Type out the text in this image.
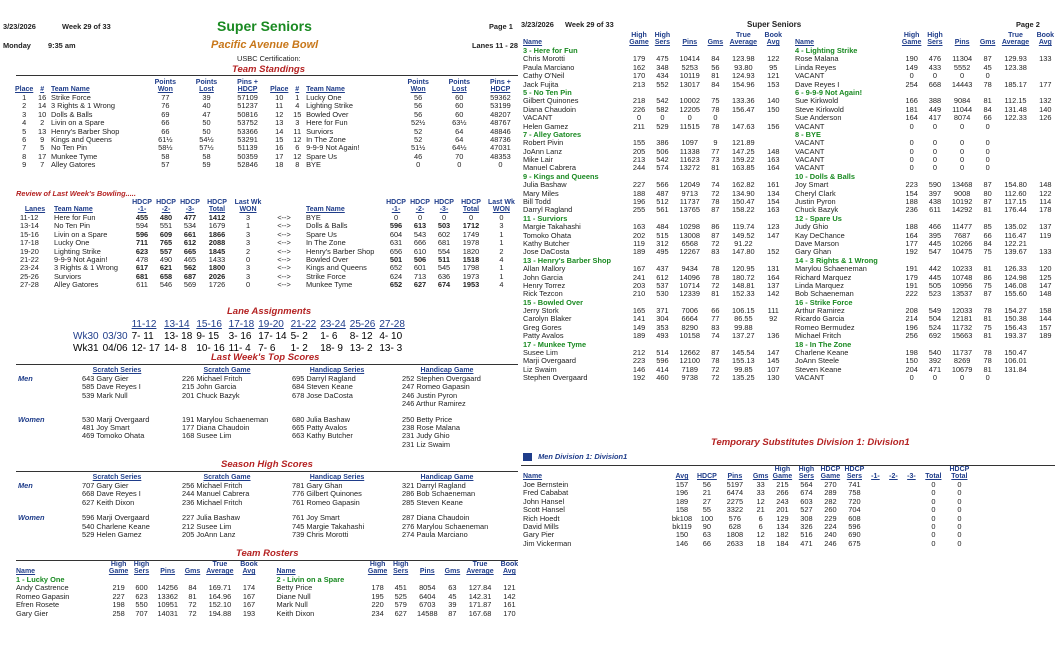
3/23/2026	Week 29 of 33	Super Seniors	Page 1
Monday 9:35 am	Pacific Avenue Bowl	Lanes 11 - 28
USBC Certification:
Team Standings
			Points	Points	Pins +				Points	Points	Pins +
Place	#	Team Name	Won	Lost	HDCP	Place	#	Team Name	Won	Lost	HDCP
1	16	Strike Force	77	39	57109	10	1	Lucky One	56	60	59362
2	14	3 Rights & 1 Wrong	76	40	51237	11	4	Lighting Strike	56	60	53199
3	10	Dolls & Balls	69	47	50816	12	15	Bowled Over	56	60	48207
4	2	Livin on a Spare	66	50	53752	13	3	Here for Fun	52½	63½	48767
5	13	Henry's Barber Shop	66	50	53366	14	11	Surviors	52	64	48846
6	9	Kings and Queens	61½	54½	53291	15	12	In The Zone	52	64	48736
7	5	No Ten Pin	58½	57½	51139	16	6	9-9-9 Not Again!	51½	64½	47031
8	17	Munkee Tyme	58	58	50359	17	12	Spare Us	46	70	48353
9	7	Alley Gatores	57	59	52846	18	8	BYE	0	0	0
Review of Last Week's Bowling.....
		HDCP	HDCP	HDCP	HDCP	Last Wk			HDCP	HDCP	HDCP	HDCP	Last Wk
Lanes	Team Name	-1-	-2-	-3-	Total	WON		Team Name	-1-	-2-	-3-	Total	WON
11-12	Here for Fun	455	480	477	1412	3	<-->	BYE	0	0	0	0	0
13-14	No Ten Pin	594	551	534	1679	1	<-->	Dolls & Balls	596	613	503	1712	3
15-16	Livin on a Spare	596	609	661	1866	3	<-->	Spare Us	604	543	602	1749	1
17-18	Lucky One	711	765	612	2088	3	<-->	In The Zone	631	666	681	1978	1
19-20	Lighting Strike	623	557	665	1845	2	<-->	Henry's Barber Shop	656	610	554	1820	2
21-22	9-9-9 Not Again!	478	490	465	1433	0	<-->	Bowled Over	501	506	511	1518	4
23-24	3 Rights & 1 Wrong	617	621	562	1800	3	<-->	Kings and Queens	652	601	545	1798	1
25-26	Surviors	681	658	687	2026	3	<-->	Strike Force	624	713	636	1973	1
27-28	Alley Gatores	611	546	569	1726	0	<-->	Munkee Tyme	652	627	674	1953	4
Lane Assignments
		11-12	13-14	15-16	17-18	19-20	21-22	23-24	25-26	27-28
Wk30	03/30	7- 11	13- 18	9- 15	3- 16	17- 14	5- 2	1- 6	8- 12	4- 10
Wk31	04/06	12- 17	14- 8	10- 16	11- 4	7- 6	1- 2	18- 9	13- 2	13- 3
Last Week's Top Scores
	Scratch Series	Scratch Game	Handicap Series	Handicap Game
Men	643 Gary Gier	226 Michael Fritch	695 Darryl Ragland	252 Stephen Overgaard
	585 Dave Reyes I	215 John Garcia	684 Steven Keane	247 Romeo Gapasin
	539 Mark Null	201 Chuck Bazyk	678 Jose DaCosta	246 Justin Pyron
				246 Arthur Ramirez

Women	530 Marji Overgaard	191 Marylou Schaeneman	680 Julia Bashaw	250 Betty Price
	481 Joy Smart	177 Diana Chaudoin	665 Patty Avalos	238 Rose Malana
	469 Tomoko Ohata	168 Susee Lim	663 Kathy Butcher	231 Judy Ghio
				231 Liz Swaim
Season High Scores
	Scratch Series	Scratch Game	Handicap Series	Handicap Game
Men	707 Gary Gier	256 Michael Fritch	781 Gary Ghan	321 Darryl Ragland
	668 Dave Reyes I	244 Manuel Cabrera	776 Gilbert Quinones	286 Bob Schaeneman
	627 Keith Dixon	236 Michael Fritch	761 Romeo Gapasin	285 Steven Keane

Women	596 Marji Overgaard	227 Julia Bashaw	761 Joy Smart	287 Diana Chaudoin
	540 Charlene Keane	212 Susee Lim	745 Margie Takahashi	276 Marylou Schaeneman
	529 Helen Gamez	205 JoAnn Lanz	739 Chris Morotti	274 Paula Marciano
Team Rosters
	High	High			True	Book
Name	Game	Sers	Pins	Gms	Average	Avg
1 - Lucky One						
Andy Castrence	219	600	14256	84	169.71	174
Romeo Gapasin	227	623	13362	81	164.96	167
Efren Rosete	198	550	10951	72	152.10	167
Gary Gier	258	707	14031	72	194.88	193
	High	High			True	Book
Name	Game	Sers	Pins	Gms	Average	Avg
2 - Livin on a Spare						
Betty Price	178	451	8054	63	127.84	121
Diane Null	195	525	6404	45	142.31	142
Mark Null	220	579	6703	39	171.87	161
Keith Dixon	234	627	14588	87	167.68	170
3/23/2026 Week 29 of 33	Super Seniors	Page 2
	High	High			True	Book
Name	Game	Sers	Pins	Gms	Average	Avg
3 - Here for Fun						
Chris Morotti	179	475	10414	84	123.98	122
Paula Marciano	162	348	5253	56	93.80	95
Cathy O'Neil	170	434	10119	81	124.93	121
Jack Fujita	213	552	13017	84	154.96	153
5 - No Ten Pin						
Gilbert Quinones	218	542	10002	75	133.36	140
Diana Chaudoin	226	582	12205	78	156.47	150
VACANT	0	0	0	0		
Helen Gamez	211	529	11515	78	147.63	156
7 - Alley Gatores						
Robert Pivin	155	386	1097	9	121.89	
JoAnn Lanz	205	506	11338	77	147.25	148
Mike Lair	213	542	11623	73	159.22	163
Manuel Cabrera	244	574	13272	81	163.85	164
9 - Kings and Queens						
Julia Bashaw	227	566	12049	74	162.82	161
Mary Miles	188	487	9713	72	134.90	134
Bill Todd	196	512	11737	78	150.47	154
Darryl Ragland	255	561	13765	87	158.22	163
11 - Surviors						
Margie Takahashi	163	484	10298	86	119.74	123
Tomoko Ohata	202	515	13008	87	149.52	147
Kathy Butcher	119	312	6568	72	91.22	
Jose DaCosta	189	495	12267	83	147.80	152
13 - Henry's Barber Shop						
Allan Mallory	167	437	9434	78	120.95	131
John Garcia	241	612	14096	78	180.72	164
Henry Torrez	203	537	10714	72	148.81	137
Rick Tezcon	210	530	12339	81	152.33	142
15 - Bowled Over						
Jerry Stork	165	371	7006	66	106.15	111
Carolyn Blaker	141	304	6664	77	86.55	92
Greg Gores	149	353	8290	83	99.88	
Patty Avalos	189	493	10158	74	137.27	136
17 - Munkee Tyme						
Susee Lim	212	514	12662	87	145.54	147
Marji Overgaard	223	596	12100	78	155.13	145
Liz Swaim	146	414	7189	72	99.85	107
Stephen Overgaard	192	460	9738	72	135.25	130
	High	High			True	Book
Name	Game	Sers	Pins	Gms	Average	Avg
4 - Lighting Strike						
Rose Malana	190	476	11304	87	129.93	133
Linda Reyes	149	433	5552	45	123.38	
VACANT	0	0	0	0		
Dave Reyes I	254	668	14443	78	185.17	177
6 - 9-9-9 Not Again!						
Sue Kirkwold	166	388	9084	81	112.15	132
Steve Kirkwold	181	449	11044	84	131.48	140
Sue Anderson	164	417	8074	66	122.33	126
VACANT	0	0	0	0		
8 - BYE						
VACANT	0	0	0	0		
VACANT	0	0	0	0		
VACANT	0	0	0	0		
VACANT	0	0	0	0		
10 - Dolls & Balls						
Joy Smart	223	590	13468	87	154.80	148
Cheryl Clark	154	397	9008	80	112.60	122
Justin Pyron	188	438	10192	87	117.15	114
Chuck Bazyk	236	611	14292	81	176.44	178
12 - Spare Us						
Judy Ghio	188	466	11477	85	135.02	137
Kay DeChance	164	395	7687	66	116.47	119
Dave Marson	177	445	10266	84	122.21	
Gary Ghan	192	547	10475	75	139.67	133
14 - 3 Rights & 1 Wrong						
Marylou Schaeneman	191	442	10233	81	126.33	120
Richard Marquez	179	445	10748	86	124.98	125
Linda Marquez	191	505	10956	75	146.08	147
Bob Schaeneman	222	523	13537	87	155.60	148
16 - Strike Force						
Arthur Ramirez	208	549	12033	78	154.27	158
Ricardo Garcia	214	504	12181	81	150.38	144
Romeo Bermudez	196	524	11732	75	156.43	157
Michael Fritch	256	692	15663	81	193.37	189
18 - In The Zone						
Charlene Keane	198	540	11737	78	150.47	
JoAnn Steele	150	392	8269	78	106.01	
Steven Keane	204	471	10679	81	131.84	
VACANT	0	0	0	0		
Temporary Substitutes Division 1: Division1
Men Division 1: Division1
					High	High	HDCP	HDCP					HDCP
Name	Avg	HDCP	Pins	Gms	Game	Sers	Game	Sers	-1-	-2-	-3-	Total	Total
Joe Bernstein	157	56	5197	33	215	564	270	741				0	0
Fred Cababat	196	21	6474	33	266	674	289	758				0	0
John Hansel	189	27	2275	12	243	603	282	720				0	0
Scott Hansel	158	55	3322	21	201	527	260	704				0	0
Rich Hoedt	bk108	100	576	6	129	308	229	608				0	0
David Mills	bk119	90	628	6	134	326	224	596				0	0
Gary Pier	150	63	1808	12	182	516	240	690				0	0
Jim Vickerman	146	66	2633	18	184	471	246	675				0	0
